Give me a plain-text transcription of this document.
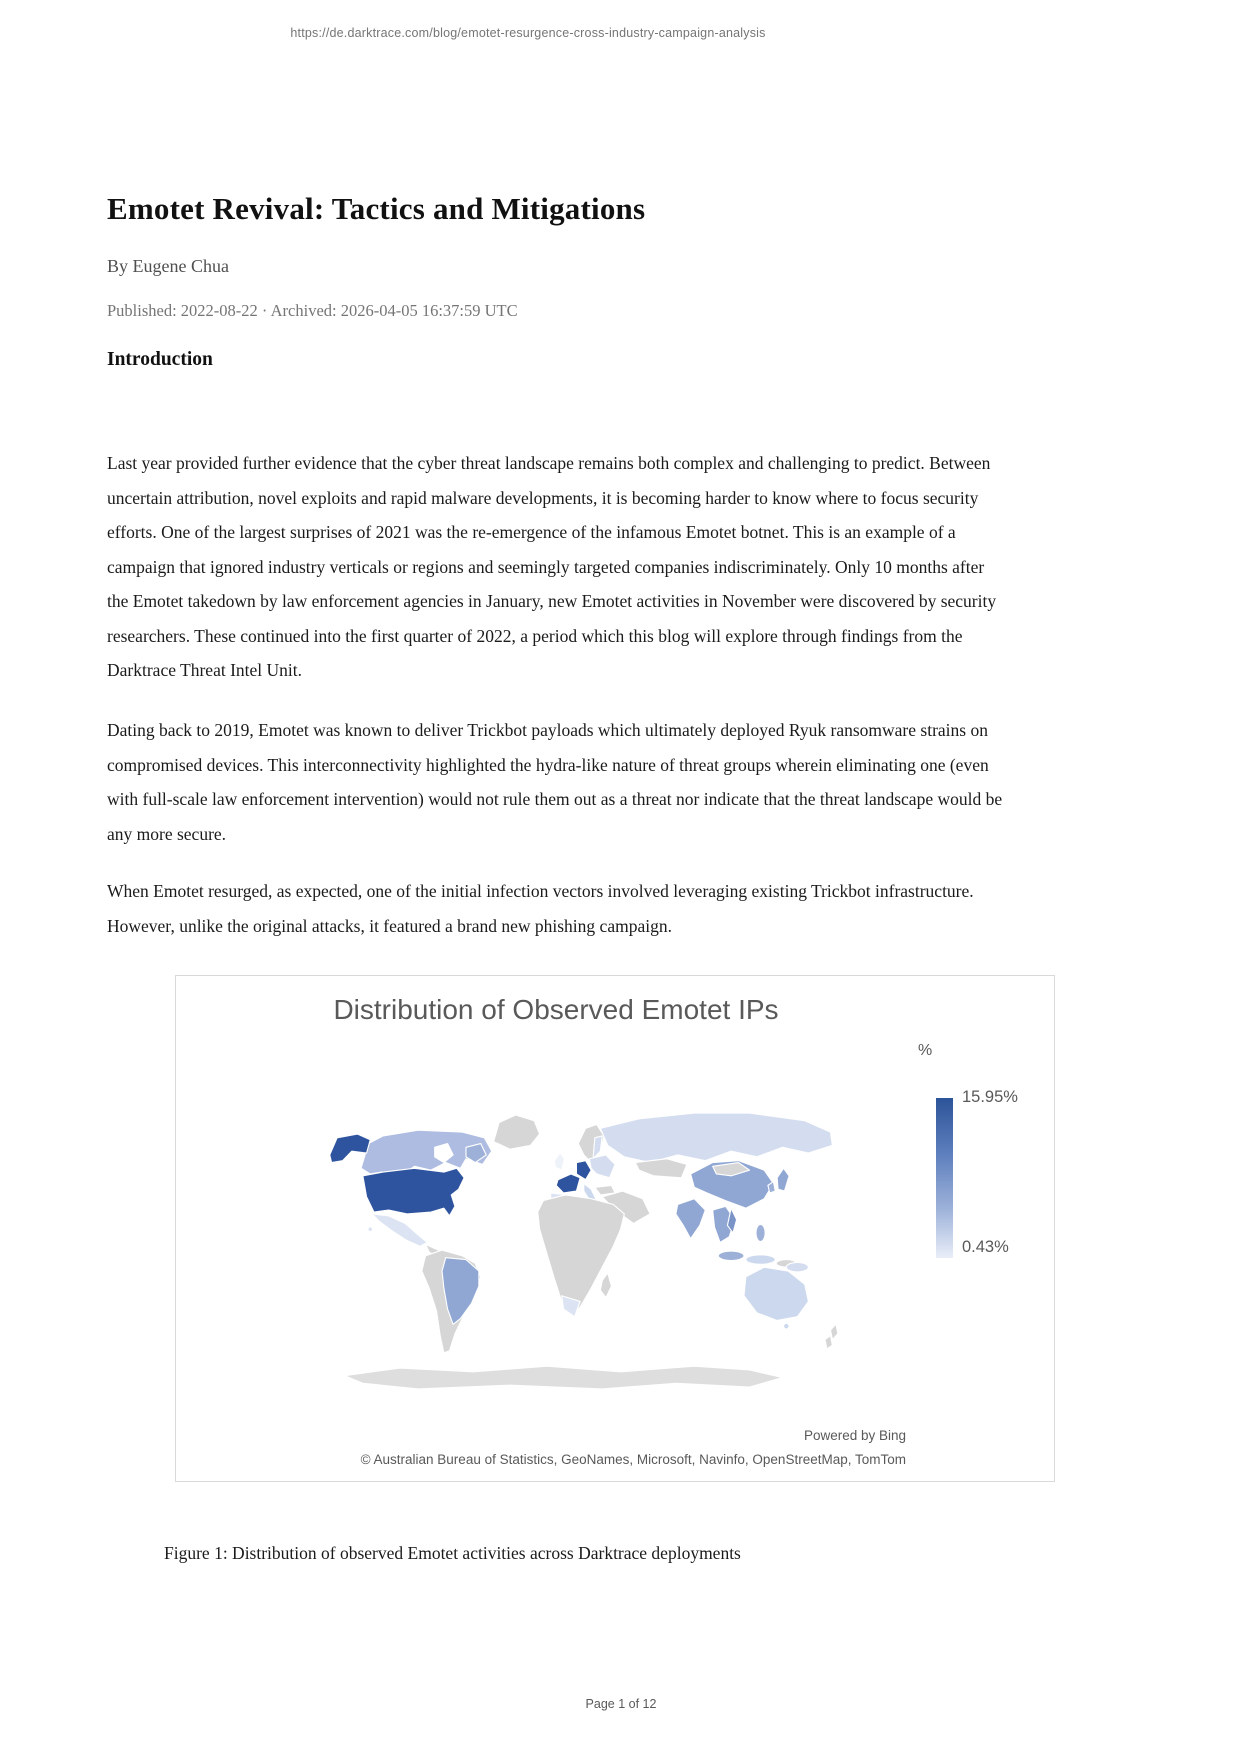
https://de.darktrace.com/blog/emotet-resurgence-cross-industry-campaign-analysis
Emotet Revival: Tactics and Mitigations
By Eugene Chua
Published: 2022-08-22 · Archived: 2026-04-05 16:37:59 UTC
Introduction

Last year provided further evidence that the cyber threat landscape remains both complex and challenging to predict. Between uncertain attribution, novel exploits and rapid malware developments, it is becoming harder to know where to focus security efforts. One of the largest surprises of 2021 was the re-emergence of the infamous Emotet botnet. This is an example of a campaign that ignored industry verticals or regions and seemingly targeted companies indiscriminately. Only 10 months after the Emotet takedown by law enforcement agencies in January, new Emotet activities in November were discovered by security researchers. These continued into the first quarter of 2022, a period which this blog will explore through findings from the Darktrace Threat Intel Unit.

Dating back to 2019, Emotet was known to deliver Trickbot payloads which ultimately deployed Ryuk ransomware strains on compromised devices. This interconnectivity highlighted the hydra-like nature of threat groups wherein eliminating one (even with full-scale law enforcement intervention) would not rule them out as a threat nor indicate that the threat landscape would be any more secure.

When Emotet resurged, as expected, one of the initial infection vectors involved leveraging existing Trickbot infrastructure. However, unlike the original attacks, it featured a brand new phishing campaign.

Distribution of Observed Emotet IPs
%
15.95%
0.43%
Powered by Bing
© Australian Bureau of Statistics, GeoNames, Microsoft, Navinfo, OpenStreetMap, TomTom
Figure 1: Distribution of observed Emotet activities across Darktrace deployments
Page 1 of 12
